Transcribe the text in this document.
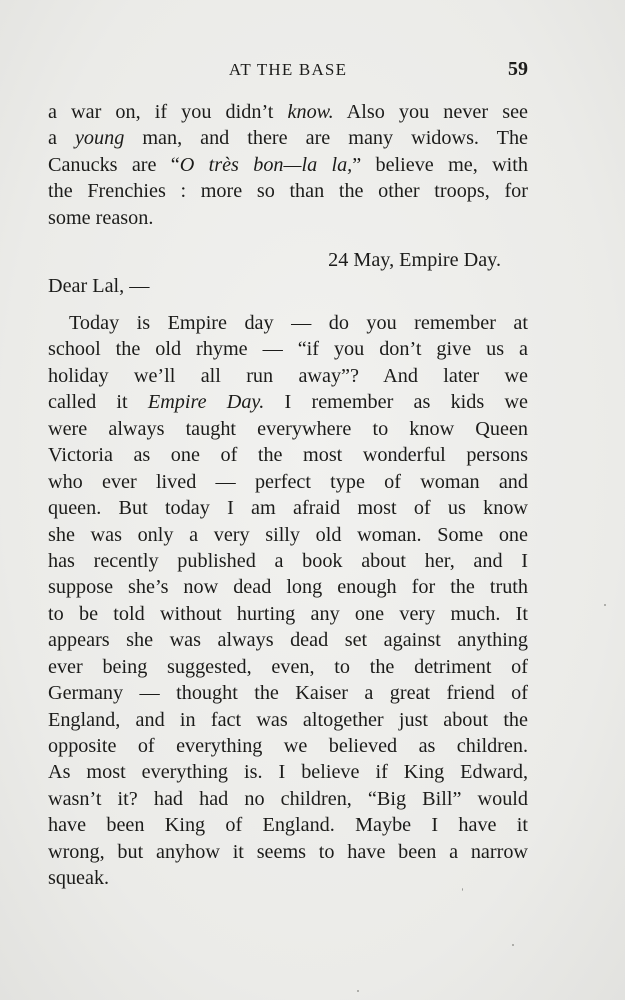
AT THE BASE	59

a war on, if you didn’t know. Also you never see
a young man, and there are many widows. The
Canucks are “O très bon—la la,” believe me, with
the Frenchies : more so than the other troops, for
some reason.

24 May, Empire Day.
Dear Lal, —
Today is Empire day — do you remember at
school the old rhyme — “if you don’t give us a
holiday we’ll all run away”? And later we
called it Empire Day. I remember as kids we
were always taught everywhere to know Queen
Victoria as one of the most wonderful persons
who ever lived — perfect type of woman and
queen. But today I am afraid most of us know
she was only a very silly old woman. Some one
has recently published a book about her, and I
suppose she’s now dead long enough for the truth
to be told without hurting any one very much. It
appears she was always dead set against anything
ever being suggested, even, to the detriment of
Germany — thought the Kaiser a great friend of
England, and in fact was altogether just about the
opposite of everything we believed as children.
As most everything is. I believe if King Edward,
wasn’t it? had had no children, “Big Bill” would
have been King of England. Maybe I have it
wrong, but anyhow it seems to have been a narrow
squeak.
